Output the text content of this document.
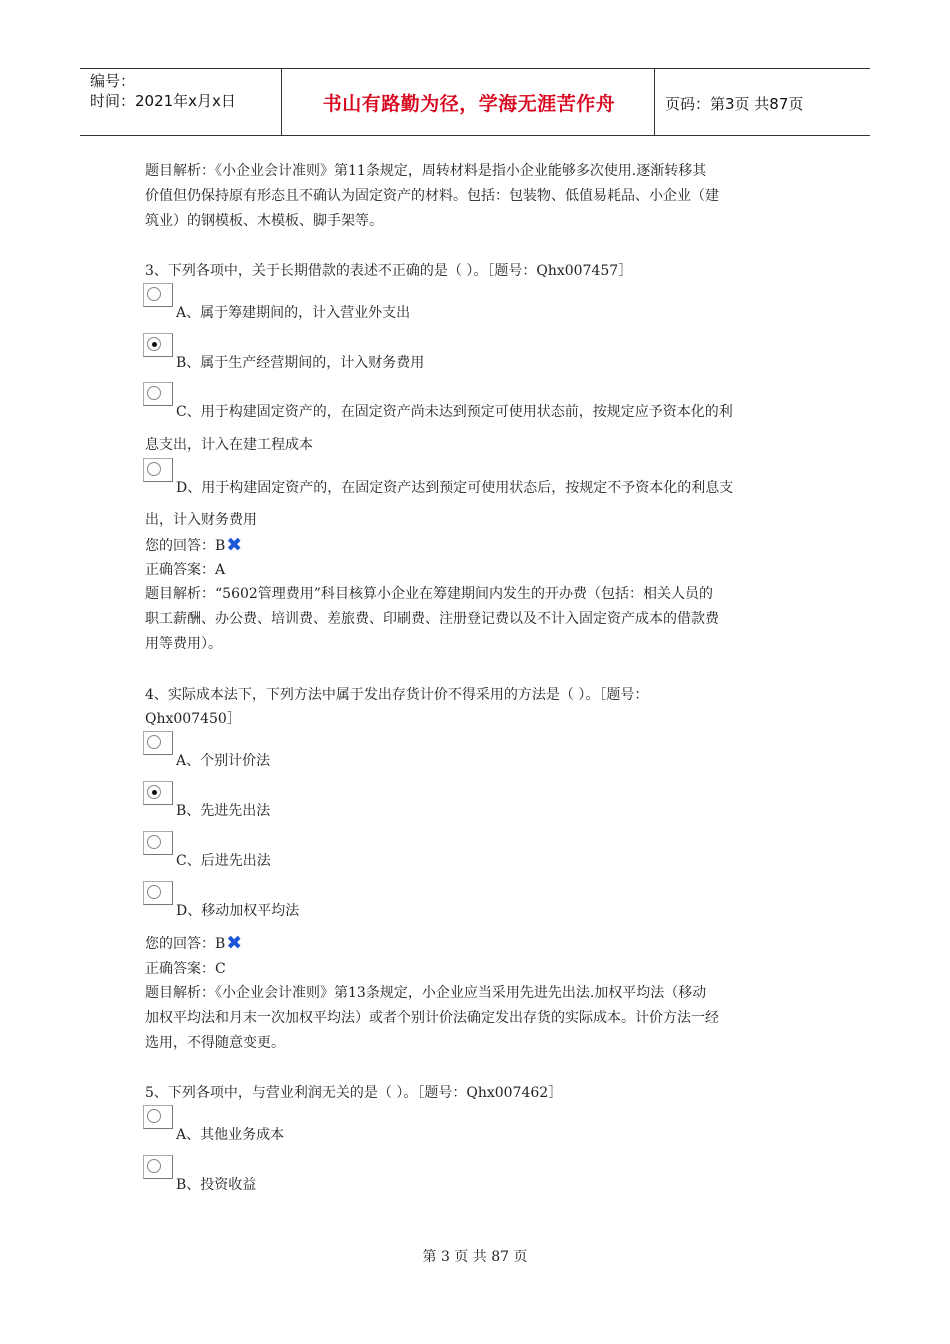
编号：
时间：2021年x月x日	书山有路勤为径，学海无涯苦作舟	页码：第3页 共87页
题目解析：《小企业会计准则》第11条规定，周转材料是指小企业能够多次使用.逐渐转移其
价值但仍保持原有形态且不确认为固定资产的材料。包括：包装物、低值易耗品、小企业（建
筑业）的钢模板、木模板、脚手架等。
3、下列各项中，关于长期借款的表述不正确的是（ ）。［题号：Qhx007457］
A、属于筹建期间的，计入营业外支出
B、属于生产经营期间的，计入财务费用
C、用于构建固定资产的，在固定资产尚未达到预定可使用状态前，按规定应予资本化的利
息支出，计入在建工程成本
D、用于构建固定资产的，在固定资产达到预定可使用状态后，按规定不予资本化的利息支
出，计入财务费用
您的回答：B✖
正确答案：A
题目解析：“5602管理费用”科目核算小企业在筹建期间内发生的开办费（包括：相关人员的
职工薪酬、办公费、培训费、差旅费、印刷费、注册登记费以及不计入固定资产成本的借款费
用等费用）。
4、实际成本法下，下列方法中属于发出存货计价不得采用的方法是（ ）。［题号：
Qhx007450］
A、个别计价法
B、先进先出法
C、后进先出法
D、移动加权平均法
您的回答：B✖
正确答案：C
题目解析：《小企业会计准则》第13条规定，小企业应当采用先进先出法.加权平均法（移动
加权平均法和月末一次加权平均法）或者个别计价法确定发出存货的实际成本。计价方法一经
选用，不得随意变更。
5、下列各项中，与营业利润无关的是（ ）。［题号：Qhx007462］
A、其他业务成本
B、投资收益
第 3 页 共 87 页
